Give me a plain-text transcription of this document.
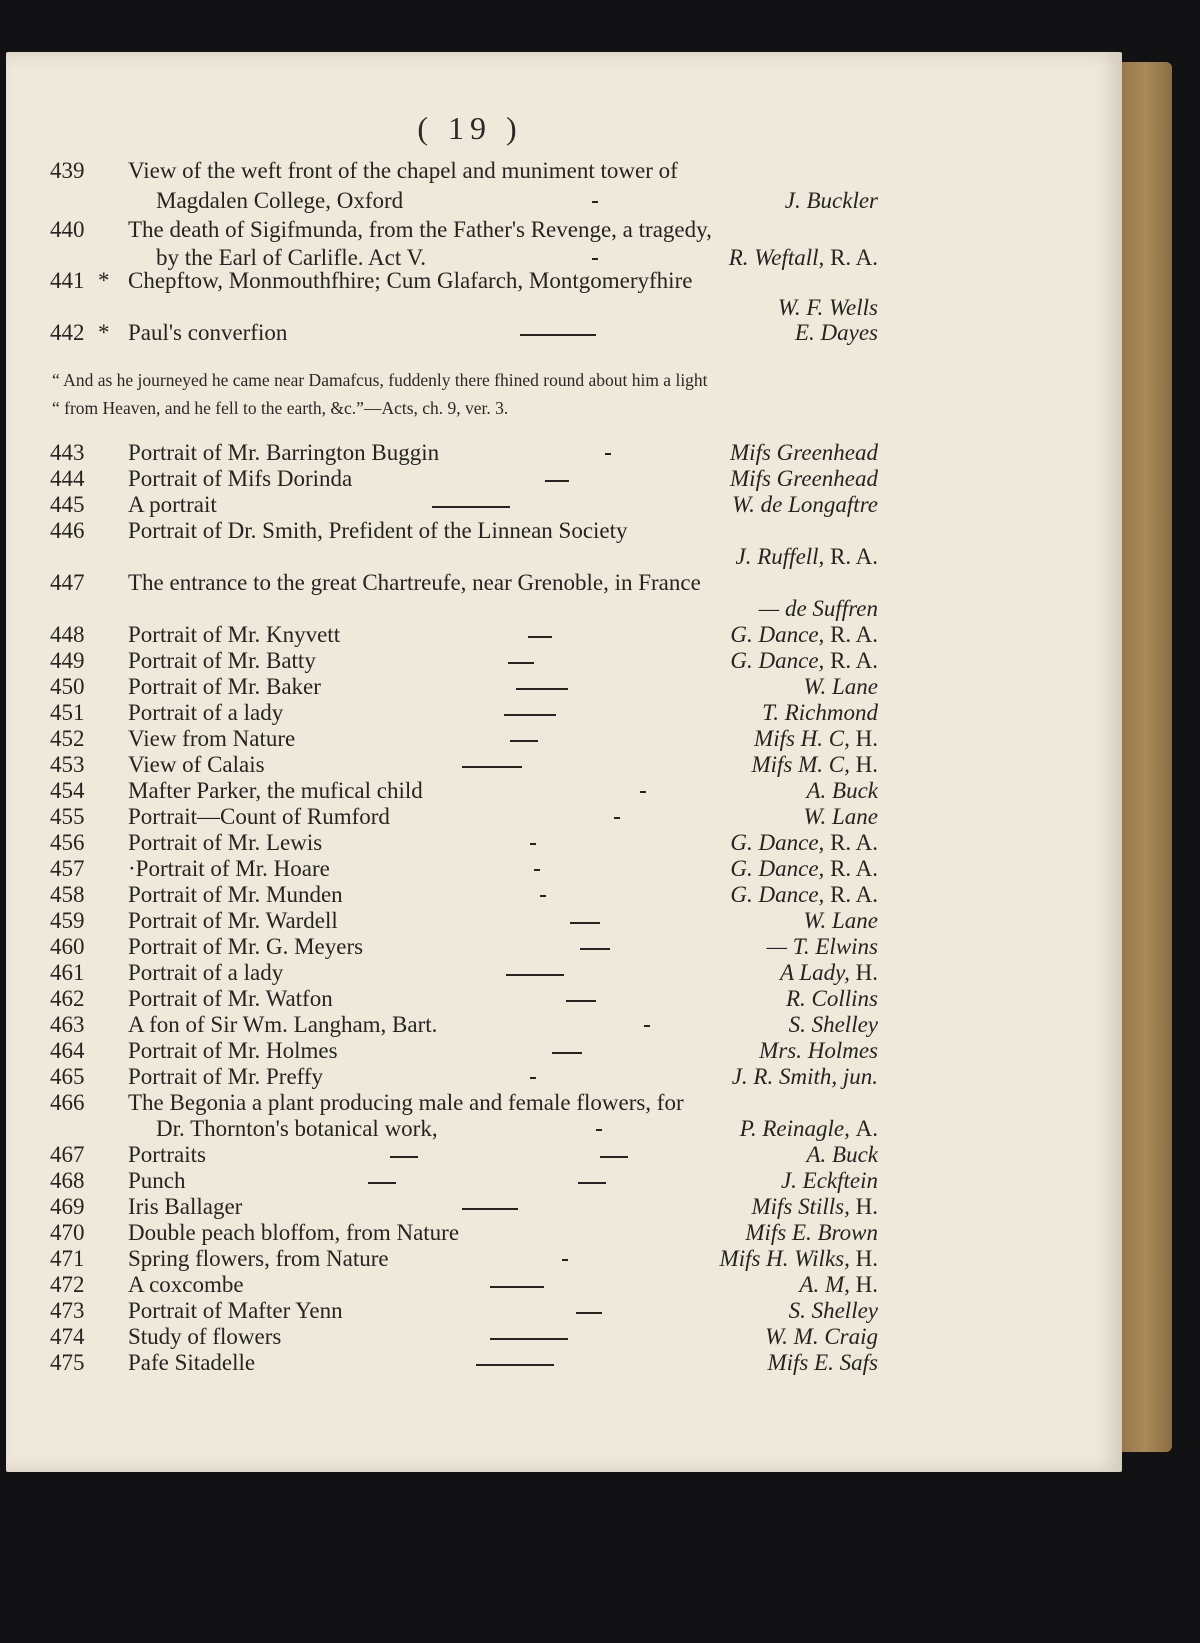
( 19 )
439	View of the weft front of the chapel and muniment tower of
Magdalen College, Oxford	J. Buckler
440	The death of Sigifmunda, from the Father's Revenge, a tragedy,
by the Earl of Carlifle. Act V.	R. Weftall, R. A.
441 * Chepftow, Monmouthfhire; Cum Glafarch, Montgomeryfhire
W. F. Wells
442 * Paul's converfion	E. Dayes
“ And as he journeyed he came near Damafcus, fuddenly there fhined round about him a light
“ from Heaven, and he fell to the earth, &c.”—Acts, ch. 9, ver. 3.
443	Portrait of Mr. Barrington Buggin	Mifs Greenhead
444	Portrait of Mifs Dorinda	Mifs Greenhead
445	A portrait	W. de Longaftre
446	Portrait of Dr. Smith, Prefident of the Linnean Society
J. Ruffell, R. A.
447	The entrance to the great Chartreufe, near Grenoble, in France
— de Suffren
448	Portrait of Mr. Knyvett	G. Dance, R. A.
449	Portrait of Mr. Batty	G. Dance, R. A.
450	Portrait of Mr. Baker	W. Lane
451	Portrait of a lady	T. Richmond
452	View from Nature	Mifs H. C, H.
453	View of Calais	Mifs M. C, H.
454	Mafter Parker, the mufical child	A. Buck
455	Portrait—Count of Rumford	W. Lane
456	Portrait of Mr. Lewis	G. Dance, R. A.
457	·Portrait of Mr. Hoare	G. Dance, R. A.
458	Portrait of Mr. Munden	G. Dance, R. A.
459	Portrait of Mr. Wardell	W. Lane
460	Portrait of Mr. G. Meyers	— T. Elwins
461	Portrait of a lady	A Lady, H.
462	Portrait of Mr. Watfon	R. Collins
463	A fon of Sir Wm. Langham, Bart.	S. Shelley
464	Portrait of Mr. Holmes	Mrs. Holmes
465	Portrait of Mr. Preffy	J. R. Smith, jun.
466	The Begonia a plant producing male and female flowers, for
Dr. Thornton's botanical work,	P. Reinagle, A.
467	Portraits	A. Buck
468	Punch	J. Eckftein
469	Iris Ballager	Mifs Stills, H.
470	Double peach bloffom, from Nature	Mifs E. Brown
471	Spring flowers, from Nature	Mifs H. Wilks, H.
472	A coxcombe	A. M, H.
473	Portrait of Mafter Yenn	S. Shelley
474	Study of flowers	W. M. Craig
475	Pafe Sitadelle	Mifs E. Safs
